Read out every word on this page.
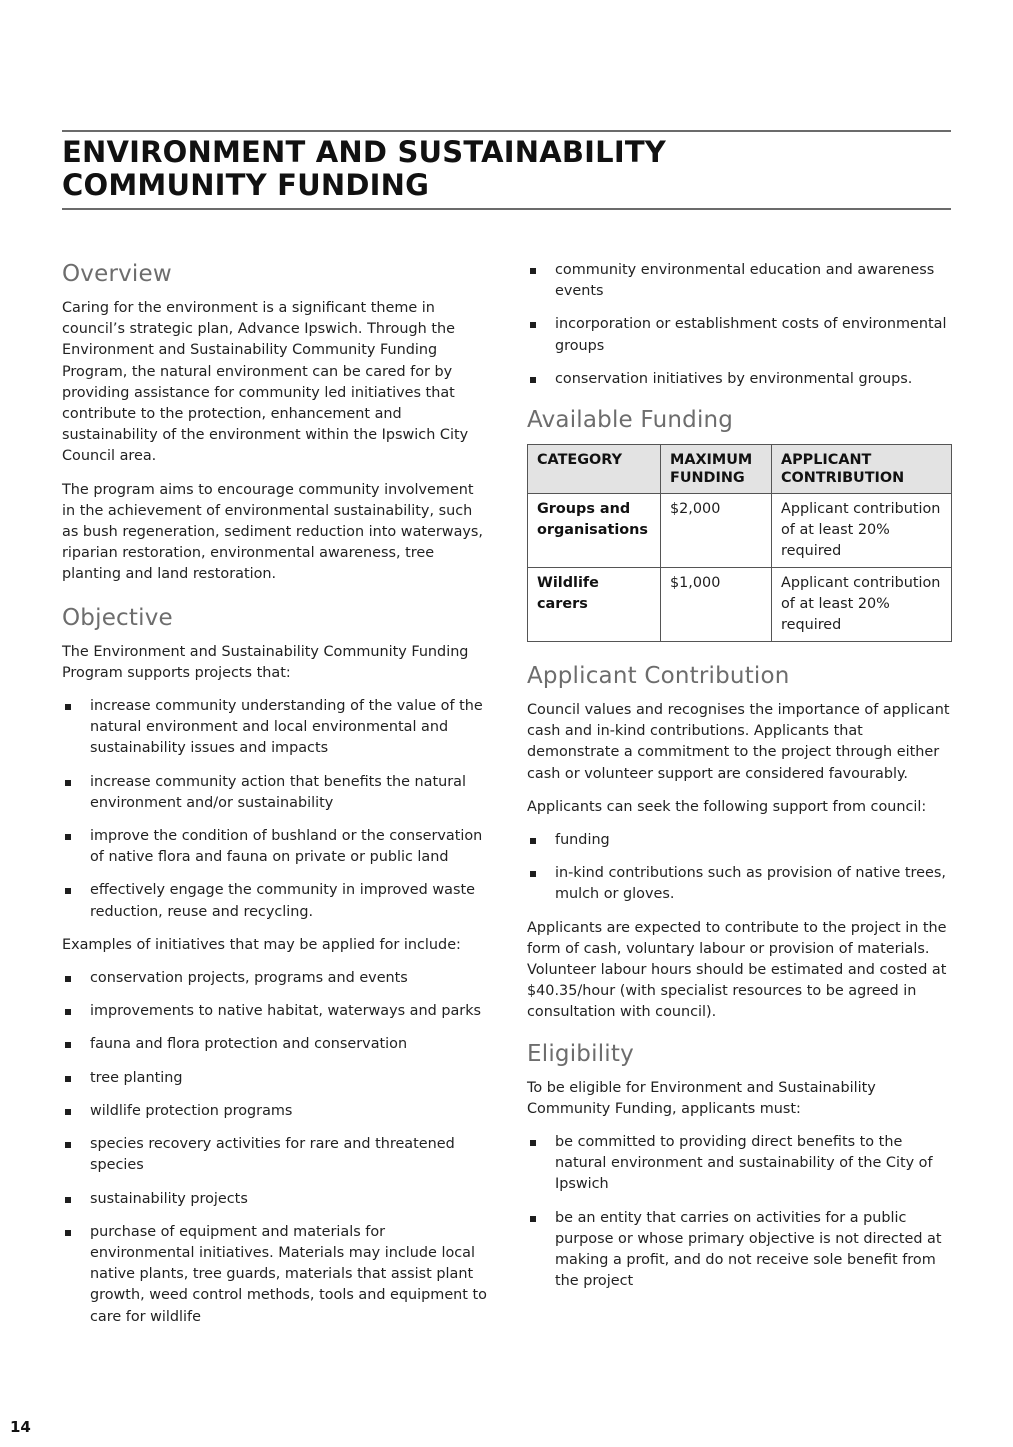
ENVIRONMENT AND SUSTAINABILITY
COMMUNITY FUNDING
Overview

Caring for the environment is a significant theme in council’s strategic plan, Advance Ipswich. Through the Environment and Sustainability Community Funding Program, the natural environment can be cared for by providing assistance for community led initiatives that contribute to the protection, enhancement and sustainability of the environment within the Ipswich City Council area.

The program aims to encourage community involvement in the achievement of environmental sustainability, such as bush regeneration, sediment reduction into waterways, riparian restoration, environmental awareness, tree planting and land restoration.

Objective

The Environment and Sustainability Community Funding Program supports projects that:

increase community understanding of the value of the natural environment and local environmental and sustainability issues and impacts
increase community action that benefits the natural environment and/or sustainability
improve the condition of bushland or the conservation of native flora and fauna on private or public land
effectively engage the community in improved waste reduction, reuse and recycling.

Examples of initiatives that may be applied for include:

conservation projects, programs and events
improvements to native habitat, waterways and parks
fauna and flora protection and conservation
tree planting
wildlife protection programs
species recovery activities for rare and threatened species
sustainability projects
purchase of equipment and materials for environmental initiatives. Materials may include local native plants, tree guards, materials that assist plant growth, weed control methods, tools and equipment to care for wildlife
community environmental education and awareness events
incorporation or establishment costs of environmental groups
conservation initiatives by environmental groups.
Available Funding
CATEGORY	MAXIMUM FUNDING	APPLICANT CONTRIBUTION
Groups and organisations	$2,000	Applicant contribution of at least 20% required
Wildlife carers	$1,000	Applicant contribution of at least 20% required
Applicant Contribution

Council values and recognises the importance of applicant cash and in-kind contributions. Applicants that demonstrate a commitment to the project through either cash or volunteer support are considered favourably.

Applicants can seek the following support from council:

funding
in-kind contributions such as provision of native trees, mulch or gloves.

Applicants are expected to contribute to the project in the form of cash, voluntary labour or provision of materials. Volunteer labour hours should be estimated and costed at $40.35/hour (with specialist resources to be agreed in consultation with council).

Eligibility

To be eligible for Environment and Sustainability Community Funding, applicants must:

be committed to providing direct benefits to the natural environment and sustainability of the City of Ipswich
be an entity that carries on activities for a public purpose or whose primary objective is not directed at making a profit, and do not receive sole benefit from the project
14
